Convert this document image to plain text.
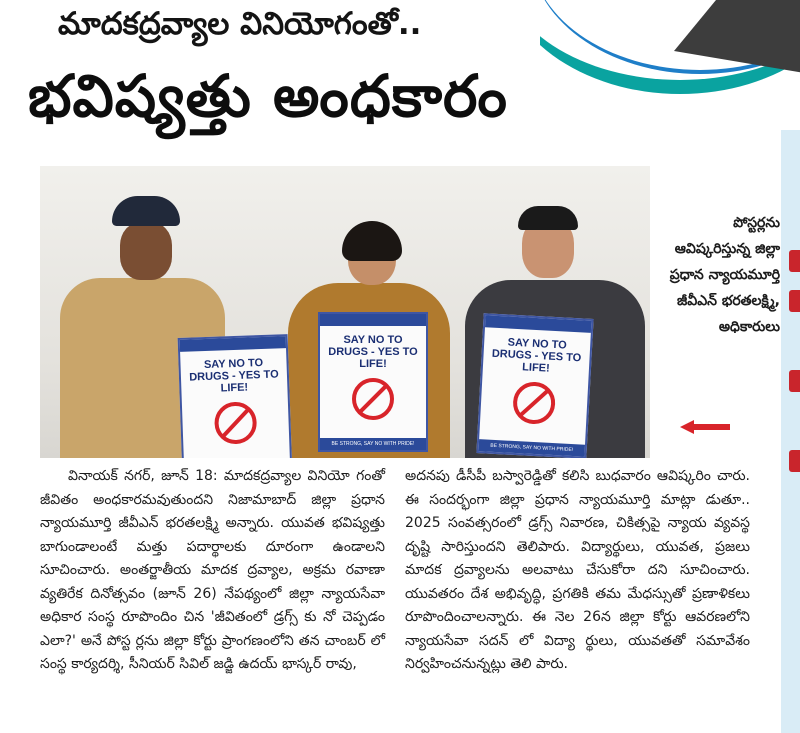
మాదకద్రవ్యాల వినియోగంతో..
భవిష్యత్తు అంధకారం
SAY NO TO DRUGS - YES TO LIFE!
SAY NO TO DRUGS - YES TO LIFE!
BE STRONG, SAY NO WITH PRIDE!
SAY NO TO DRUGS - YES TO LIFE!
BE STRONG, SAY NO WITH PRIDE!
పోస్టర్లను ఆవిష్కరిస్తున్న జిల్లా ప్రధాన న్యాయమూర్తి జీవీఎన్ భరతలక్ష్మి, అధికారులు
వినాయక్ నగర్, జూన్ 18: మాదకద్రవ్యాల వినియో గంతో జీవితం అంధకారమవుతుందని నిజామాబాద్ జిల్లా ప్రధాన న్యాయమూర్తి జీవీఎన్ భరతలక్ష్మి అన్నారు. యువత భవిష్యత్తు బాగుండాలంటే మత్తు పదార్థాలకు దూరంగా ఉండాలని సూచించారు. అంతర్జాతీయ మాదక ద్రవ్యాల, అక్రమ రవాణా వ్యతిరేక దినోత్సవం (జూన్ 26) నేపథ్యంలో జిల్లా న్యాయసేవా అధికార సంస్థ రూపొందిం చిన 'జీవితంలో డ్రగ్స్ కు నో చెప్పడం ఎలా?' అనే పోస్ట ర్లను జిల్లా కోర్టు ప్రాంగణంలోని తన చాంబర్ లో సంస్థ కార్యదర్శి, సీనియర్ సివిల్ జడ్జి ఉదయ్ భాస్కర్ రావు,
అదనపు డీసీపీ బస్వారెడ్డితో కలిసి బుధవారం ఆవిష్కరిం చారు. ఈ సందర్భంగా జిల్లా ప్రధాన న్యాయమూర్తి మాట్లా డుతూ.. 2025 సంవత్సరంలో డ్రగ్స్ నివారణ, చికిత్సపై న్యాయ వ్యవస్థ దృష్టి సారిస్తుందని తెలిపారు. విద్యార్థులు, యువత, ప్రజలు మాదక ద్రవ్యాలను అలవాటు చేసుకోరా దని సూచించారు. యువతరం దేశ అభివృద్ధి, ప్రగతికి తమ మేధస్సుతో ప్రణాళికలు రూపొందించాలన్నారు. ఈ నెల 26న జిల్లా కోర్టు ఆవరణలోని న్యాయసేవా సదన్ లో విద్యా ర్థులు, యువతతో సమావేశం నిర్వహించనున్నట్లు తెలి పారు.
